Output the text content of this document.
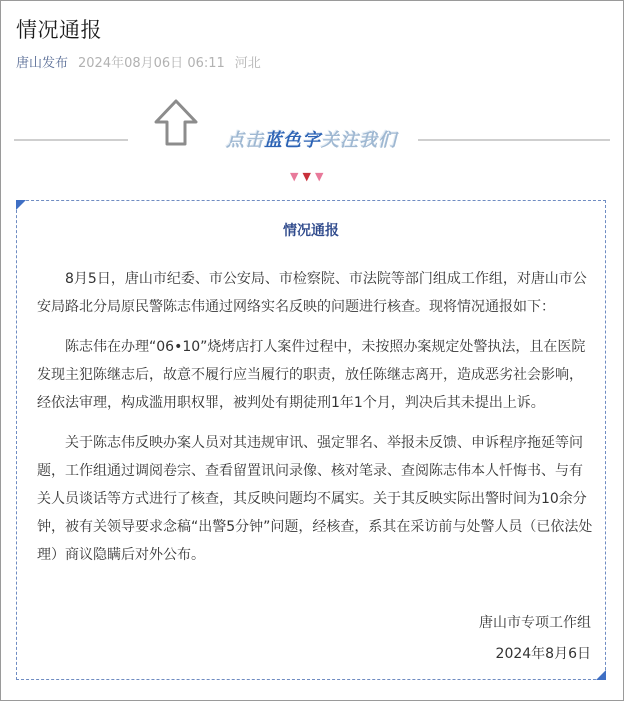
情况通报
唐山发布 2024年08月06日 06:11 河北
点击蓝色字关注我们
▼▼▼
情况通报

8月5日，唐山市纪委、市公安局、市检察院、市法院等部门组成工作组，对唐山市公安局路北分局原民警陈志伟通过网络实名反映的问题进行核查。现将情况通报如下：

陈志伟在办理“06•10”烧烤店打人案件过程中，未按照办案规定处警执法，且在医院发现主犯陈继志后，故意不履行应当履行的职责，放任陈继志离开，造成恶劣社会影响，经依法审理，构成滥用职权罪，被判处有期徒刑1年1个月，判决后其未提出上诉。

关于陈志伟反映办案人员对其违规审讯、强定罪名、举报未反馈、申诉程序拖延等问题，工作组通过调阅卷宗、查看留置讯问录像、核对笔录、查阅陈志伟本人忏悔书、与有关人员谈话等方式进行了核查，其反映问题均不属实。关于其反映实际出警时间为10余分钟，被有关领导要求念稿“出警5分钟”问题，经核查，系其在采访前与处警人员（已依法处理）商议隐瞒后对外公布。

唐山市专项工作组
2024年8月6日
